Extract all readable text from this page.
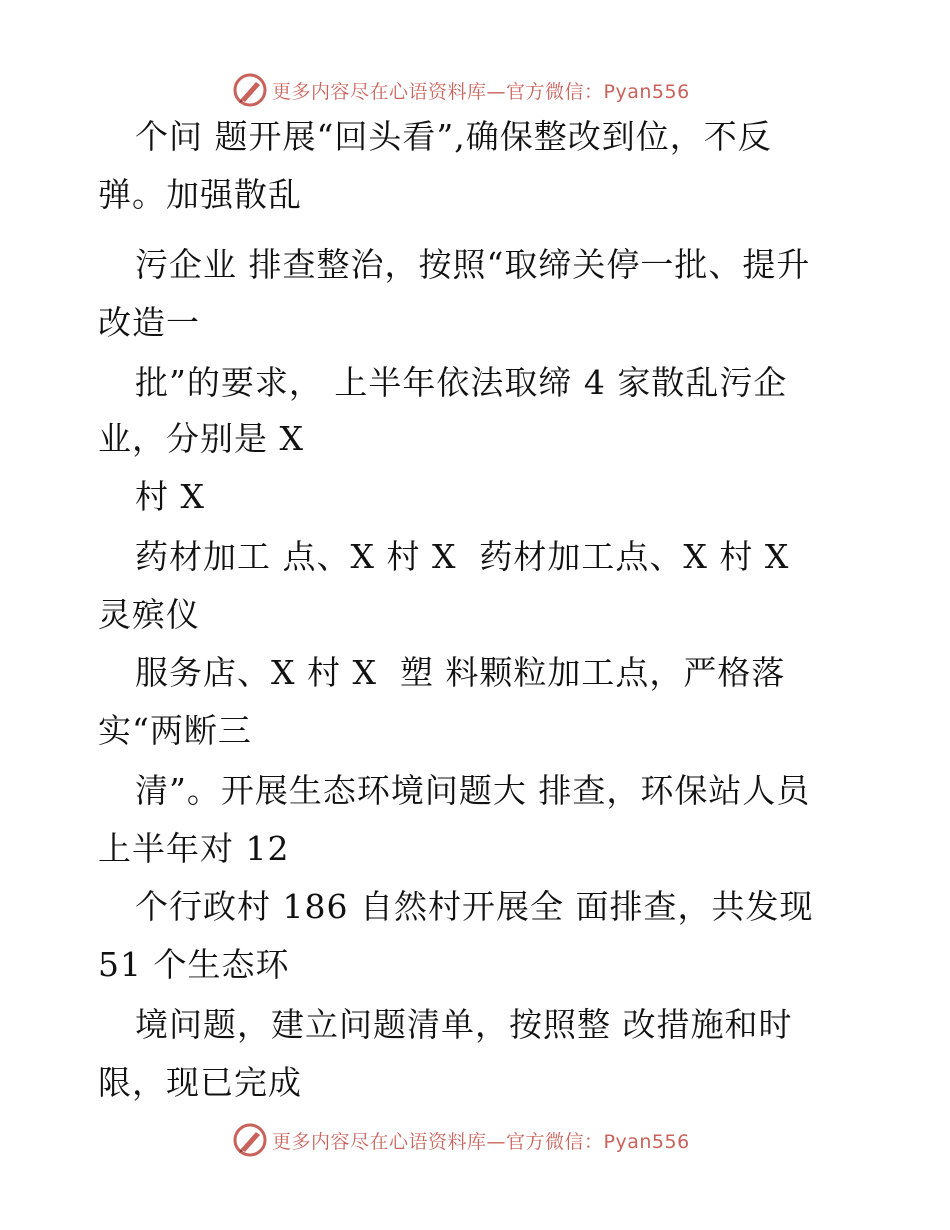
更多内容尽在心语资料库—官方微信：Pyan556
个问 题开展“回头看”,确保整改到位，不反
弹。加强散乱
污企业 排查整治，按照“取缔关停一批、提升
改造一
批”的要求， 上半年依法取缔 4 家散乱污企
业，分别是 X
村 X
药材加工 点、X 村 X  药材加工点、X 村 X
灵殡仪
服务店、X 村 X  塑 料颗粒加工点，严格落
实“两断三
清”。开展生态环境问题大 排查，环保站人员
上半年对 12
个行政村 186 自然村开展全 面排查，共发现
51 个生态环
境问题，建立问题清单，按照整 改措施和时
限，现已完成
更多内容尽在心语资料库—官方微信：Pyan556
